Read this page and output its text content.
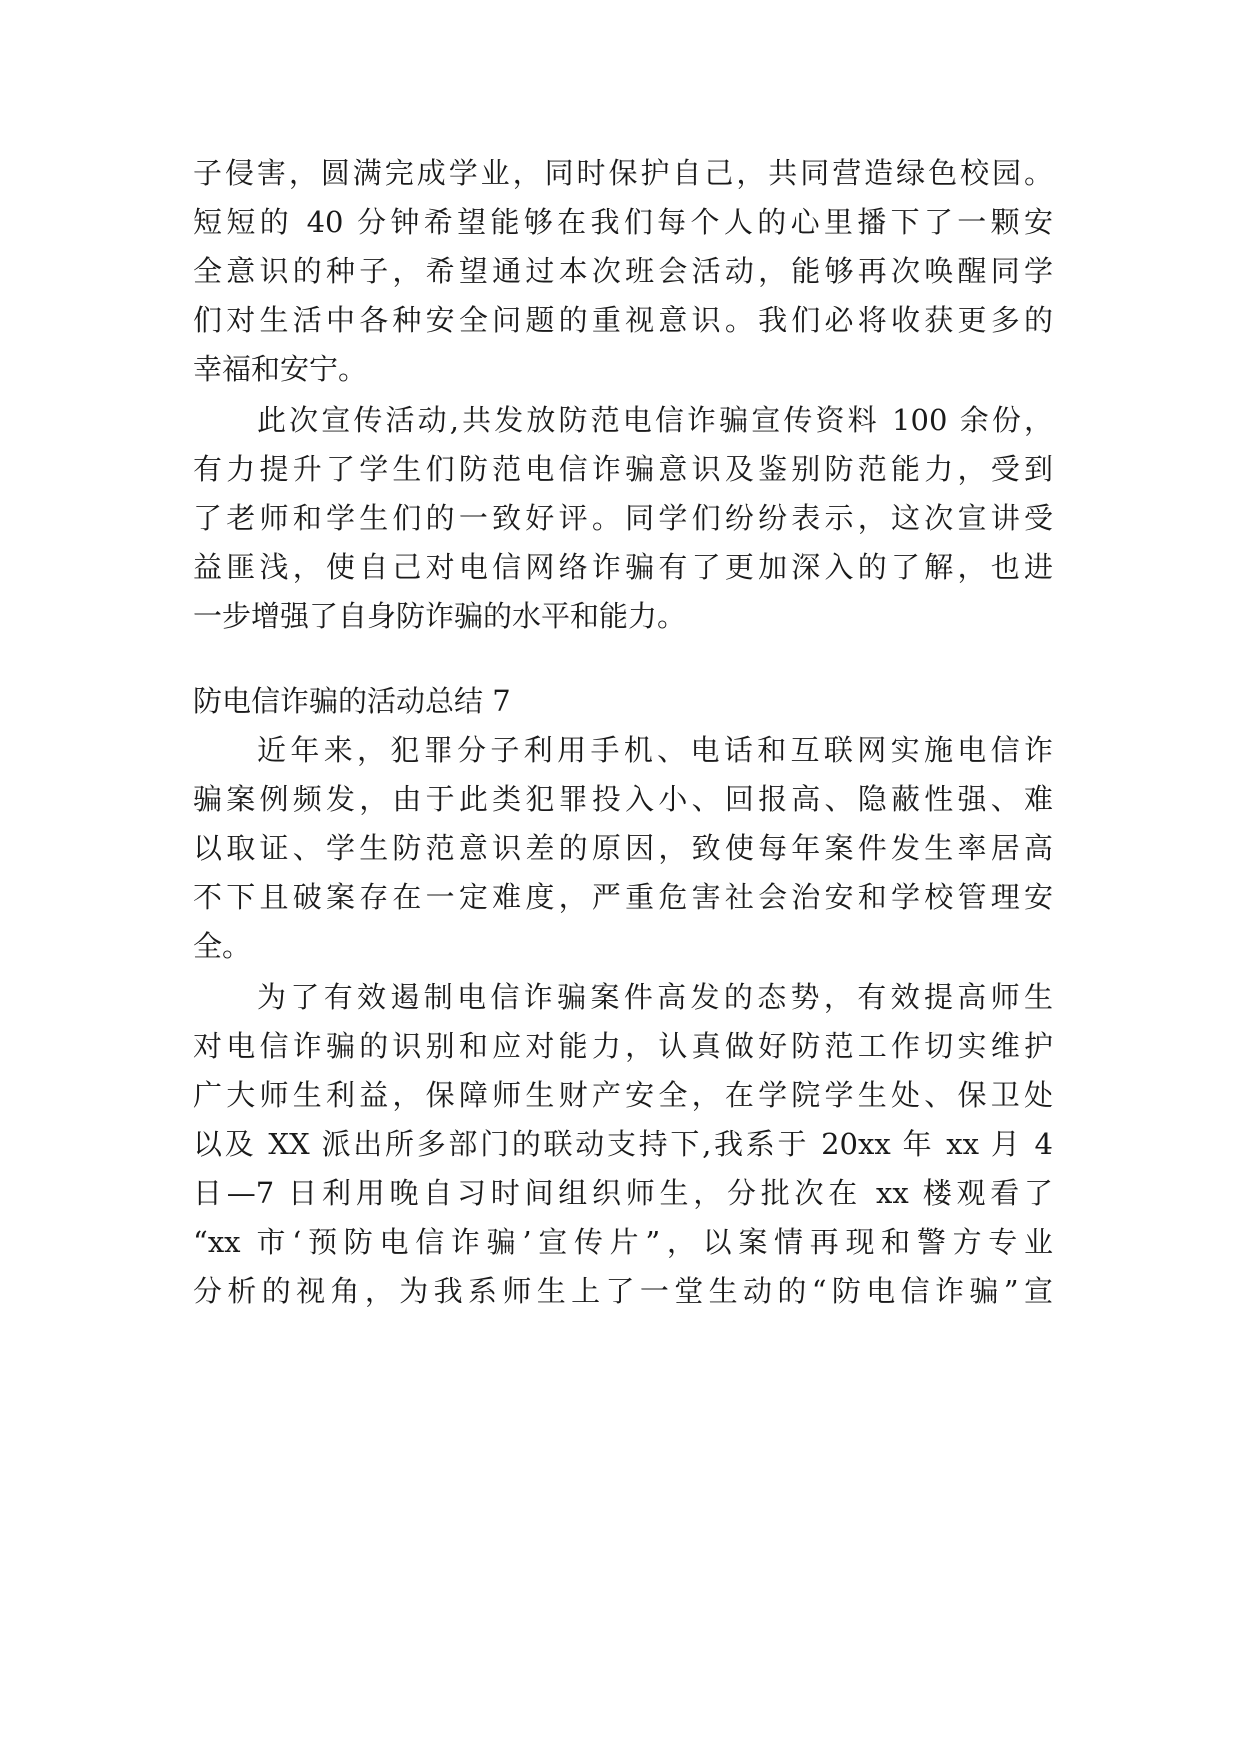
子侵害，圆满完成学业，同时保护自己，共同营造绿色校园。
短短的 40 分钟希望能够在我们每个人的心里播下了一颗安
全意识的种子，希望通过本次班会活动，能够再次唤醒同学
们对生活中各种安全问题的重视意识。我们必将收获更多的
幸福和安宁。
此次宣传活动,共发放防范电信诈骗宣传资料 100 余份，
有力提升了学生们防范电信诈骗意识及鉴别防范能力，受到
了老师和学生们的一致好评。同学们纷纷表示，这次宣讲受
益匪浅，使自己对电信网络诈骗有了更加深入的了解，也进
一步增强了自身防诈骗的水平和能力。
防电信诈骗的活动总结 7
近年来，犯罪分子利用手机、电话和互联网实施电信诈
骗案例频发，由于此类犯罪投入小、回报高、隐蔽性强、难
以取证、学生防范意识差的原因，致使每年案件发生率居高
不下且破案存在一定难度，严重危害社会治安和学校管理安
全。
为了有效遏制电信诈骗案件高发的态势，有效提高师生
对电信诈骗的识别和应对能力，认真做好防范工作切实维护
广大师生利益，保障师生财产安全，在学院学生处、保卫处
以及 XX 派出所多部门的联动支持下,我系于 20xx 年 xx 月 4
日—7 日利用晚自习时间组织师生，分批次在 xx 楼观看了
“xx 市‘预防电信诈骗’宣传片”，以案情再现和警方专业
分析的视角，为我系师生上了一堂生动的“防电信诈骗”宣
